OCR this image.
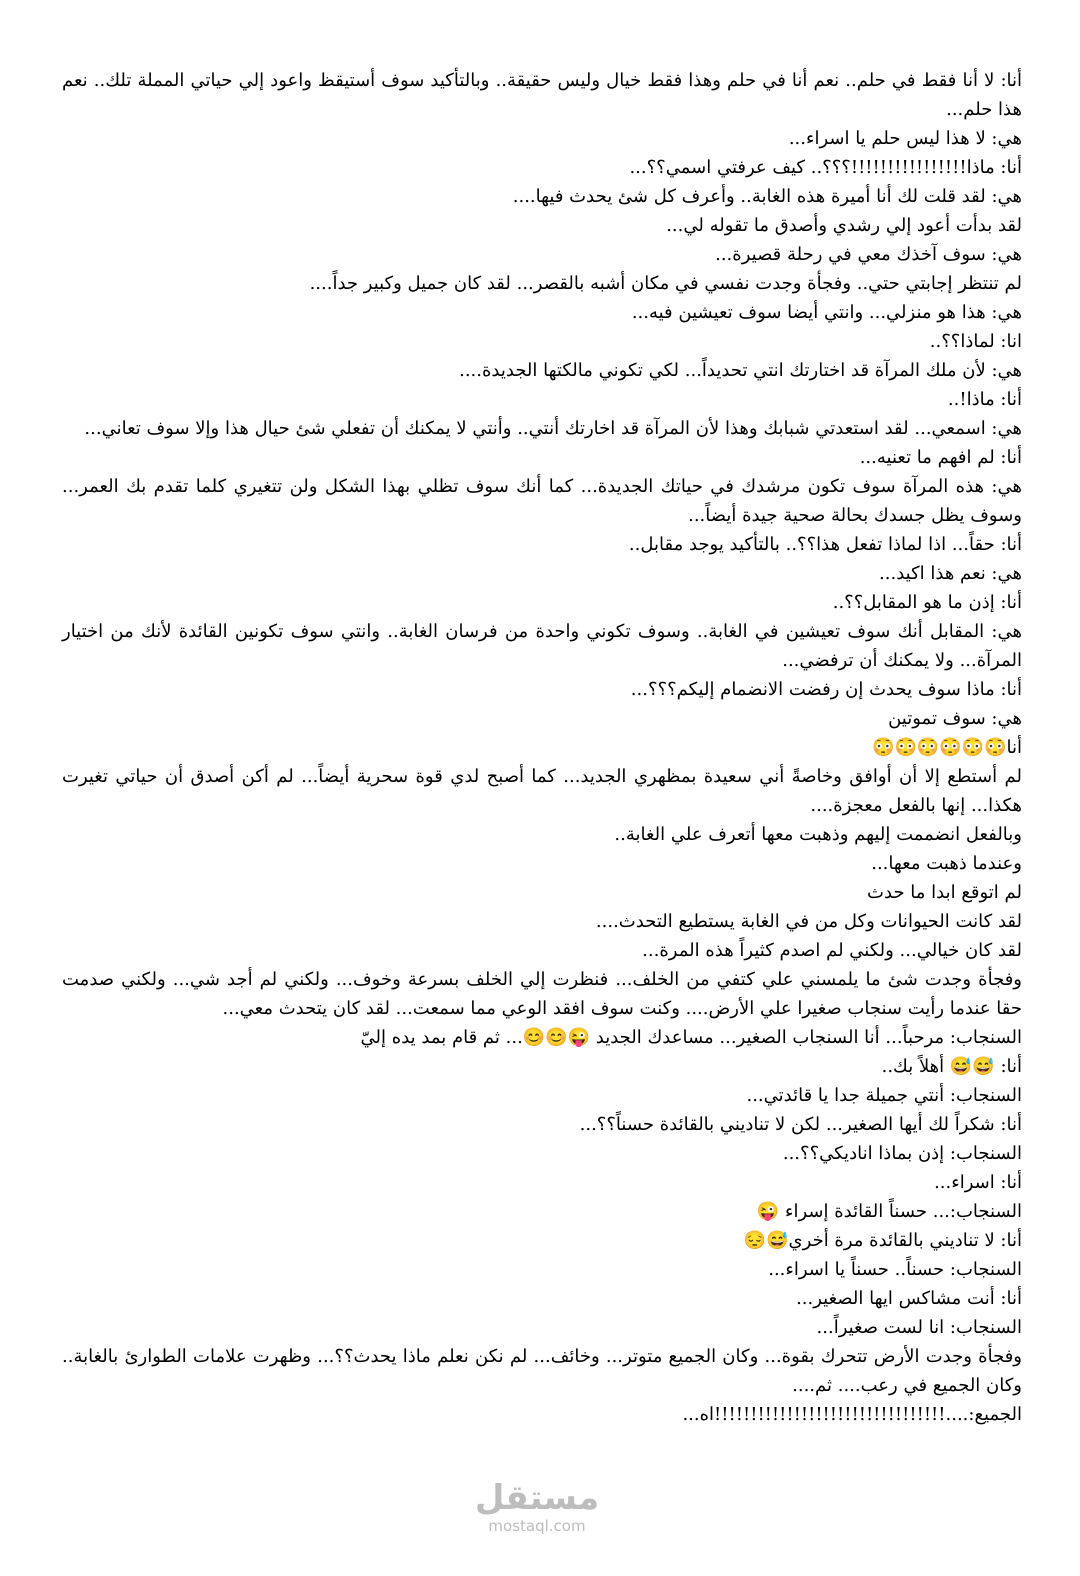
أنا: لا أنا فقط في حلم.. نعم أنا في حلم وهذا فقط خيال وليس حقيقة.. وبالتأكيد سوف أستيقظ واعود إلي حياتي المملة تلك.. نعم هذا حلم...

هي: لا هذا ليس حلم يا اسراء...

أنا: ماذا!!!!!!!!!!!!!!!!؟؟؟.. كيف عرفتي اسمي؟؟...

هي: لقد قلت لك أنا أميرة هذه الغابة.. وأعرف كل شئ يحدث فيها....

لقد بدأت أعود إلي رشدي وأصدق ما تقوله لي...

هي: سوف آخذك معي في رحلة قصيرة...

لم تنتظر إجابتي حتي.. وفجأة وجدت نفسي في مكان أشبه بالقصر... لقد كان جميل وكبير جداً....

هي: هذا هو منزلي... وانتي أيضا سوف تعيشين فيه...

انا: لماذا؟؟..

هي: لأن ملك المرآة قد اختارتك انتي تحديداً... لكي تكوني مالكتها الجديدة....

أنا: ماذا!..

هي: اسمعي... لقد استعدتي شبابك وهذا لأن المرآة قد اخارتك أنتي.. وأنتي لا يمكنك أن تفعلي شئ حيال هذا وإلا سوف تعاني...

أنا: لم افهم ما تعنيه...

هي: هذه المرآة سوف تكون مرشدك في حياتك الجديدة... كما أنك سوف تظلي بهذا الشكل ولن تتغيري كلما تقدم بك العمر... وسوف يظل جسدك بحالة صحية جيدة أيضاً...

أنا: حقاً... اذا لماذا تفعل هذا؟؟.. بالتأكيد يوجد مقابل..

هي: نعم هذا اكيد...

أنا: إذن ما هو المقابل؟؟..

هي: المقابل أنك سوف تعيشين في الغابة.. وسوف تكوني واحدة من فرسان الغابة.. وانتي سوف تكونين القائدة لأنك من اختيار المرآة... ولا يمكنك أن ترفضي...

أنا: ماذا سوف يحدث إن رفضت الانضمام إليكم؟؟؟...

هي: سوف تموتين

أنا😳😳😳😳😳😳

لم أستطع إلا أن أوافق وخاصةً أني سعيدة بمظهري الجديد... كما أصبح لدي قوة سحرية أيضاً... لم أكن أصدق أن حياتي تغيرت هكذا... إنها بالفعل معجزة....

وبالفعل انضممت إليهم وذهبت معها أتعرف علي الغابة..

وعندما ذهبت معها...

لم اتوقع ابدا ما حدث

لقد كانت الحيوانات وكل من في الغابة يستطيع التحدث....

لقد كان خيالي... ولكني لم اصدم كثيراً هذه المرة...

وفجأة وجدت شئ ما يلمسني علي كتفي من الخلف... فنظرت إلي الخلف بسرعة وخوف... ولكني لم أجد شي... ولكني صدمت حقا عندما رأيت سنجاب صغيرا علي الأرض.... وكنت سوف افقد الوعي مما سمعت... لقد كان يتحدث معي...

السنجاب: مرحباً... أنا السنجاب الصغير... مساعدك الجديد 😜😊😊... ثم قام بمد يده إليّ

أنا: 😅😅 أهلاً بك..

السنجاب: أنتي جميلة جدا يا قائدتي...

أنا: شكراً لك أيها الصغير... لكن لا تناديني بالقائدة حسناً؟؟...

السنجاب: إذن بماذا اناديكي؟؟...

أنا: اسراء...

السنجاب:... حسناً القائدة إسراء 😜

أنا: لا تناديني بالقائدة مرة أخري😅😔

السنجاب: حسناً.. حسناً يا اسراء...

أنا: أنت مشاكس ايها الصغير...

السنجاب: انا لست صغيراً...

وفجأة وجدت الأرض تتحرك بقوة... وكان الجميع متوتر... وخائف... لم نكن نعلم ماذا يحدث؟؟... وظهرت علامات الطوارئ بالغابة.. وكان الجميع في رعب.... ثم....

الجميع:....!!!!!!!!!!!!!!!!!!!!!!!!!!!!!!!!اه...

مستقل
mostaql.com
